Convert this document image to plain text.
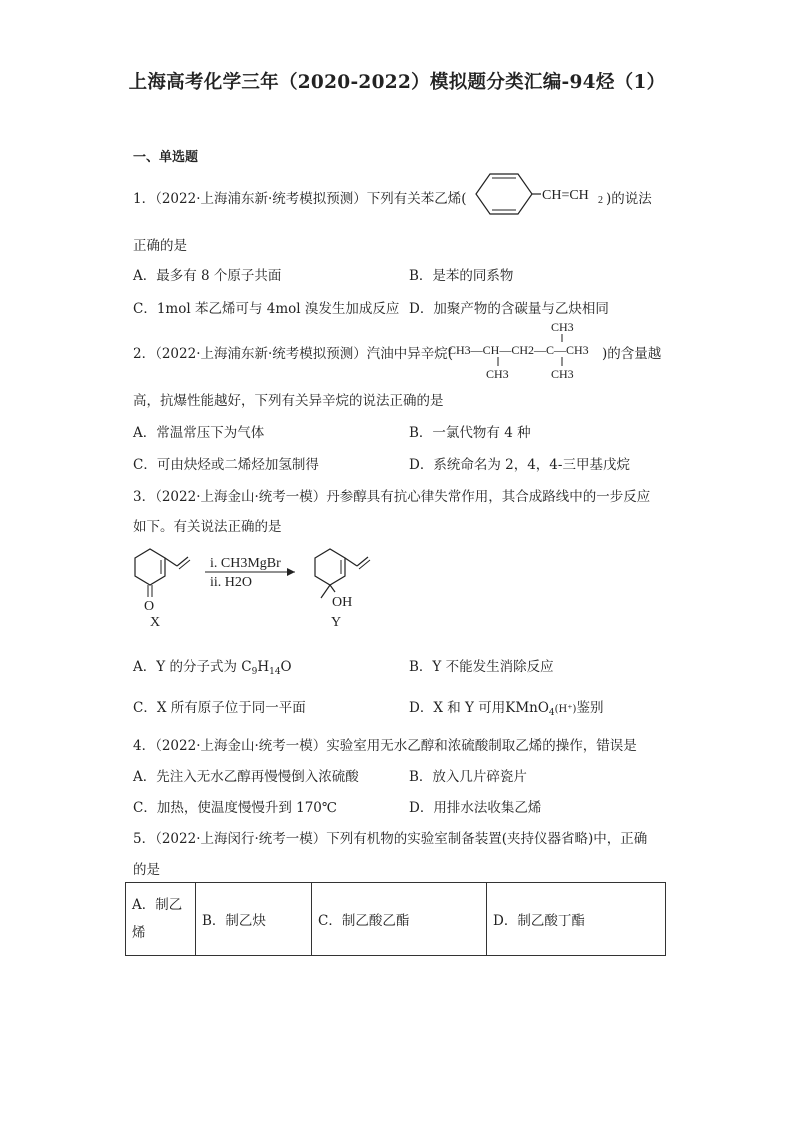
上海高考化学三年（2020-2022）模拟题分类汇编-94烃（1）
一、单选题
1．（2022·上海浦东新·统考模拟预测）下列有关苯乙烯(	CH=CH 2 )的说法
正确的是
A．最多有 8 个原子共面	B．是苯的同系物
C．1mol 苯乙烯可与 4mol 溴发生加成反应 D．加聚产物的含碳量与乙炔相同
2．（2022·上海浦东新·统考模拟预测）汽油中异辛烷(
CH3—CH—CH2—C—CH3
CH3
CH3
CH3
)的含量越
高，抗爆性能越好，下列有关异辛烷的说法正确的是
A．常温常压下为气体	B．一氯代物有 4 种
C．可由炔烃或二烯烃加氢制得	D．系统命名为 2，4，4-三甲基戊烷
3．（2022·上海金山·统考一模）丹参醇具有抗心律失常作用，其合成路线中的一步反应
如下。有关说法正确的是
O
X
i. CH3MgBr
ii. H2O
OH
Y
A．Y 的分子式为 $C_9H_{14}O$	B．Y 不能发生消除反应
C．X 所有原子位于同一平面	D．X 和 Y 可用KMnO$_4$(H⁺)鉴别
4．（2022·上海金山·统考一模）实验室用无水乙醇和浓硫酸制取乙烯的操作，错误是
A．先注入无水乙醇再慢慢倒入浓硫酸	B．放入几片碎瓷片
C．加热，使温度慢慢升到 170℃	D．用排水法收集乙烯
5．（2022·上海闵行·统考一模）下列有机物的实验室制备装置(夹持仪器省略)中，正确
的是
A．制乙
烯	B．制乙炔	C．制乙酸乙酯	D．制乙酸丁酯
